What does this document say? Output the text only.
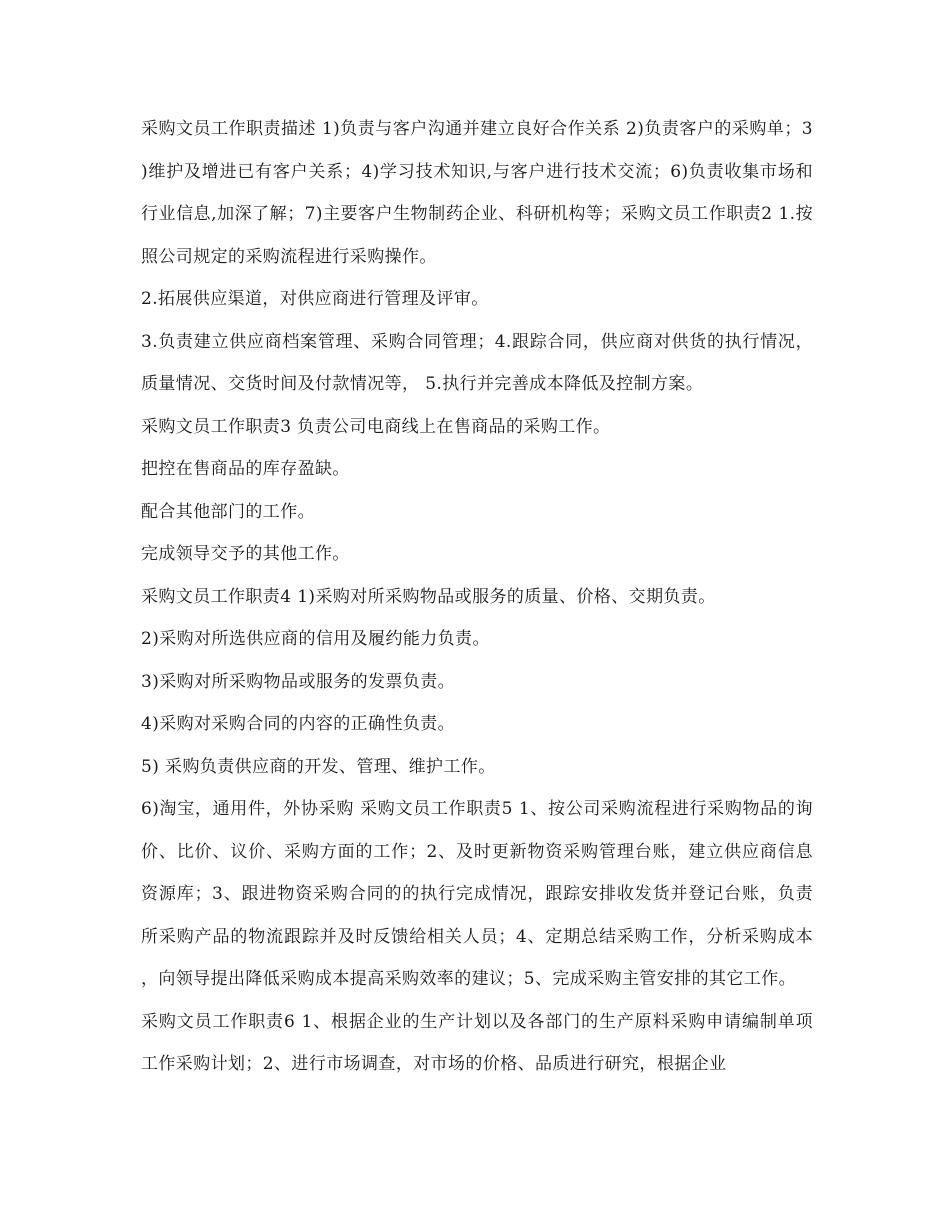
采购文员工作职责描述 1)负责与客户沟通并建立良好合作关系 2)负责客户的采购单；3 )维护及增进已有客户关系；4)学习技术知识,与客户进行技术交流；6)负责收集市场和行业信息,加深了解；7)主要客户生物制药企业、科研机构等；采购文员工作职责2 1.按照公司规定的采购流程进行采购操作。

2.拓展供应渠道，对供应商进行管理及评审。

3.负责建立供应商档案管理、采购合同管理；4.跟踪合同，供应商对供货的执行情况，质量情况、交货时间及付款情况等， 5.执行并完善成本降低及控制方案。

采购文员工作职责3 负责公司电商线上在售商品的采购工作。

把控在售商品的库存盈缺。

配合其他部门的工作。

完成领导交予的其他工作。

采购文员工作职责4 1)采购对所采购物品或服务的质量、价格、交期负责。

2)采购对所选供应商的信用及履约能力负责。

3)采购对所采购物品或服务的发票负责。

4)采购对采购合同的内容的正确性负责。

5) 采购负责供应商的开发、管理、维护工作。

6)淘宝，通用件，外协采购 采购文员工作职责5 1、按公司采购流程进行采购物品的询价、比价、议价、采购方面的工作；2、及时更新物资采购管理台账，建立供应商信息资源库；3、跟进物资采购合同的的执行完成情况，跟踪安排收发货并登记台账，负责所采购产品的物流跟踪并及时反馈给相关人员；4、定期总结采购工作，分析采购成本，向领导提出降低采购成本提高采购效率的建议；5、完成采购主管安排的其它工作。

采购文员工作职责6 1、根据企业的生产计划以及各部门的生产原料采购申请编制单项工作采购计划；2、进行市场调查，对市场的价格、品质进行研究，根据企业
